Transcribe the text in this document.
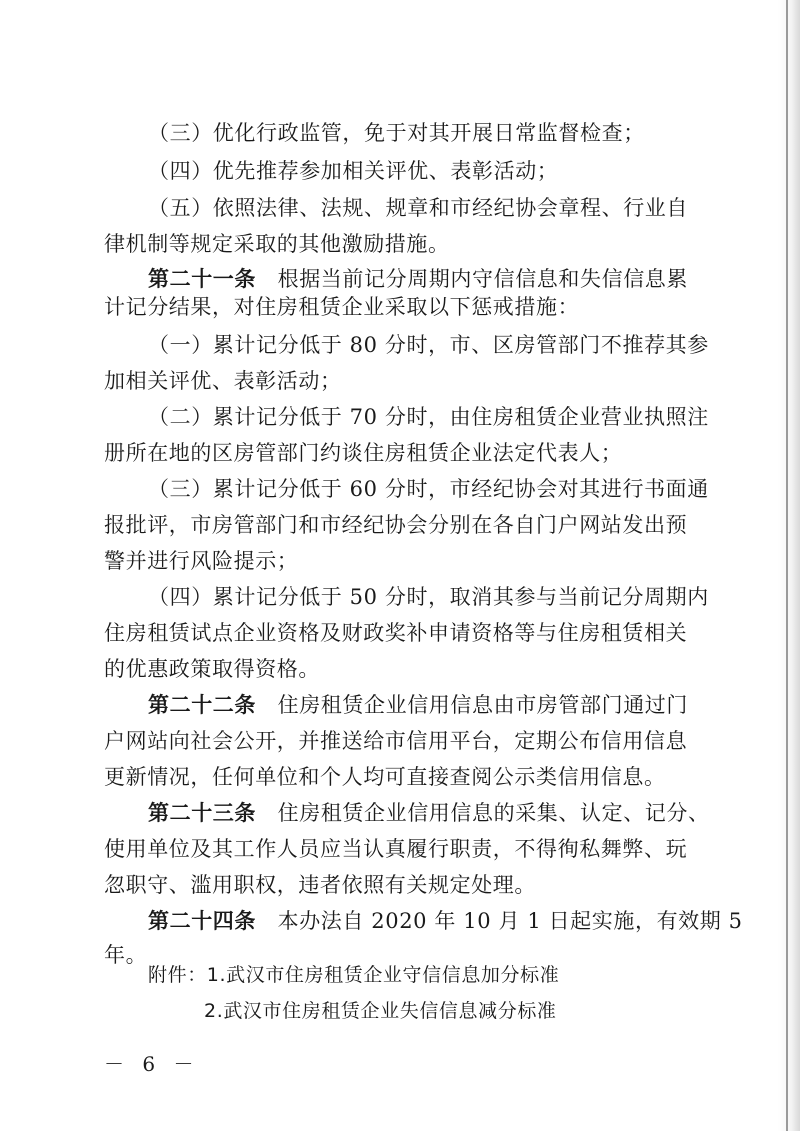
（三）优化行政监管，免于对其开展日常监督检查；
（四）优先推荐参加相关评优、表彰活动；
（五）依照法律、法规、规章和市经纪协会章程、行业自
律机制等规定采取的其他激励措施。
第二十一条　 根据当前记分周期内守信信息和失信信息累
计记分结果，对住房租赁企业采取以下惩戒措施：
（一）累计记分低于 80 分时，市、区房管部门不推荐其参
加相关评优、表彰活动；
（二）累计记分低于 70 分时，由住房租赁企业营业执照注
册所在地的区房管部门约谈住房租赁企业法定代表人；
（三）累计记分低于 60 分时，市经纪协会对其进行书面通
报批评，市房管部门和市经纪协会分别在各自门户网站发出预
警并进行风险提示；
（四）累计记分低于 50 分时，取消其参与当前记分周期内
住房租赁试点企业资格及财政奖补申请资格等与住房租赁相关
的优惠政策取得资格。
第二十二条　 住房租赁企业信用信息由市房管部门通过门
户网站向社会公开，并推送给市信用平台，定期公布信用信息
更新情况，任何单位和个人均可直接查阅公示类信用信息。
第二十三条　 住房租赁企业信用信息的采集、认定、记分、
使用单位及其工作人员应当认真履行职责，不得徇私舞弊、玩
忽职守、滥用职权，违者依照有关规定处理。
第二十四条　 本办法自 2020 年 10 月 1 日起实施，有效期 5
年。
附件：1.武汉市住房租赁企业守信信息加分标准
2.武汉市住房租赁企业失信信息减分标准
－ 6 －
